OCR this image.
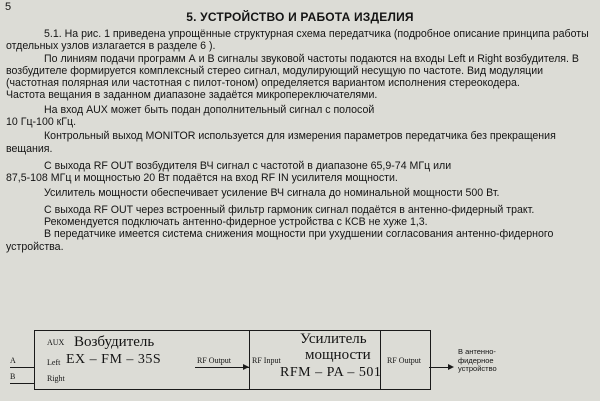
5
5. УСТРОЙСТВО И РАБОТА ИЗДЕЛИЯ

5.1. На рис. 1 приведена упрощённые структурная схема передатчика (подробное описание принципа работы отдельных узлов излагается в разделе 6 ).

По линиям подачи программ А и В сигналы звуковой частоты подаются на входы Left и Right возбудителя. В возбудителе формируется комплексный стерео сигнал, модулирующий несущую по частоте. Вид модуляции (частотная полярная или частотная с пилот-тоном) определяется вариантом исполнения стереокодера.

Частота вещания в заданном диапазоне задаётся микропереключателями.

На вход AUX может быть подан дополнительный сигнал с полосой

10 Гц-100 кГц.

Контрольный выход MONITOR используется для измерения параметров передатчика без прекращения вещания.

С выхода RF OUT возбудителя ВЧ сигнал с частотой в диапазоне 65,9-74 МГц или

87,5-108 МГц и мощностью 20 Вт подаётся на вход RF IN усилителя мощности.

Усилитель мощности обеспечивает усиление ВЧ сигнала до номинальной мощности 500 Вт.

С выхода RF OUT через встроенный фильтр гармоник сигнал подаётся в антенно-фидерный тракт.

Рекомендуется подключать антенно-фидерное устройства с КСВ не хуже 1,3.

В передатчике имеется система снижения мощности при ухудшении согласования антенно-фидерного устройства.

Возбудитель
EX – FM – 35S
Усилитель
мощности
RFM – PA – 501
AUX
Left
Right
A
B
RF Output	RF Input	RF Output
В антенно-фидерное устройство
